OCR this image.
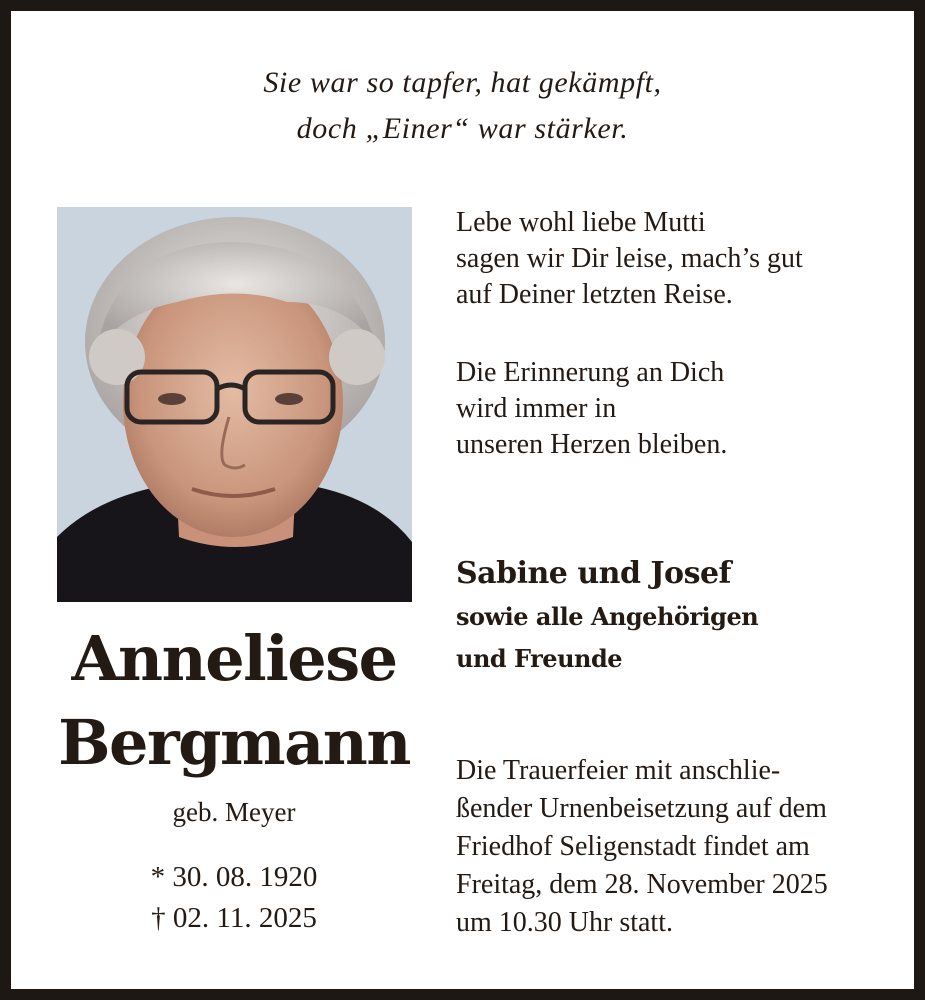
Sie war so tapfer, hat gekämpft,
doch „Einer“ war stärker.
Anneliese
Bergmann
geb. Meyer
* 30. 08. 1920
† 02. 11. 2025
Lebe wohl liebe Mutti
sagen wir Dir leise, mach’s gut
auf Deiner letzten Reise.
Die Erinnerung an Dich
wird immer in
unseren Herzen bleiben.
Sabine und Josef
sowie alle Angehörigen
und Freunde
Die Trauerfeier mit anschlie-
ßender Urnenbeisetzung auf dem
Friedhof Seligenstadt findet am
Freitag, dem 28. November 2025
um 10.30 Uhr statt.
